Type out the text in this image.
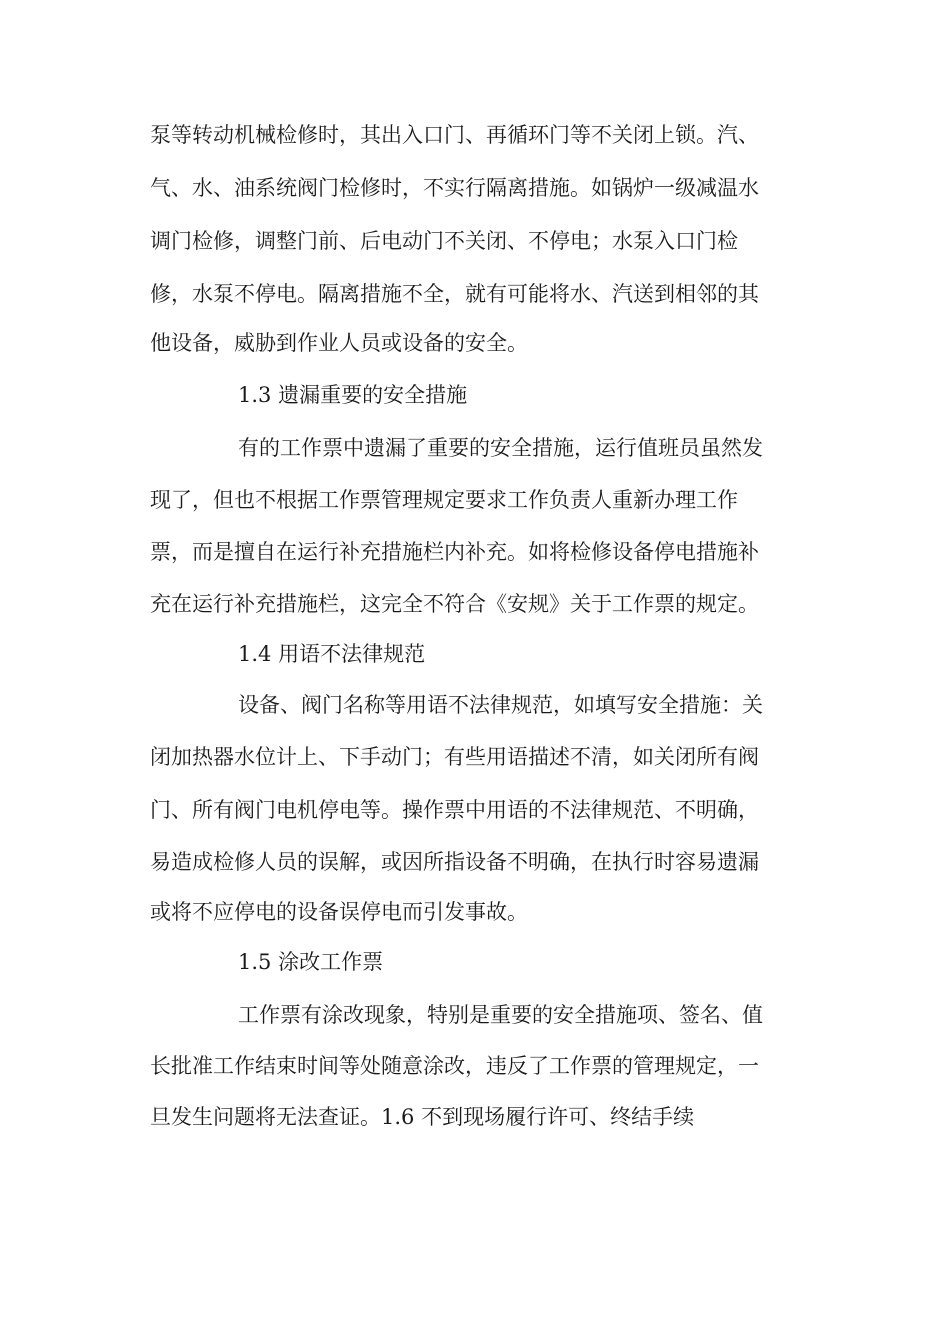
泵等转动机械检修时，其出入口门、再循环门等不关闭上锁。汽、
气、水、油系统阀门检修时，不实行隔离措施。如锅炉一级减温水
调门检修，调整门前、后电动门不关闭、不停电；水泵入口门检
修，水泵不停电。隔离措施不全，就有可能将水、汽送到相邻的其
他设备，威胁到作业人员或设备的安全。
1.3 遗漏重要的安全措施
有的工作票中遗漏了重要的安全措施，运行值班员虽然发
现了，但也不根据工作票管理规定要求工作负责人重新办理工作
票，而是擅自在运行补充措施栏内补充。如将检修设备停电措施补
充在运行补充措施栏，这完全不符合《安规》关于工作票的规定。
1.4 用语不法律规范
设备、阀门名称等用语不法律规范，如填写安全措施：关
闭加热器水位计上、下手动门；有些用语描述不清，如关闭所有阀
门、所有阀门电机停电等。操作票中用语的不法律规范、不明确，
易造成检修人员的误解，或因所指设备不明确，在执行时容易遗漏
或将不应停电的设备误停电而引发事故。
1.5 涂改工作票
工作票有涂改现象，特别是重要的安全措施项、签名、值
长批准工作结束时间等处随意涂改，违反了工作票的管理规定，一
旦发生问题将无法查证。1.6 不到现场履行许可、终结手续
